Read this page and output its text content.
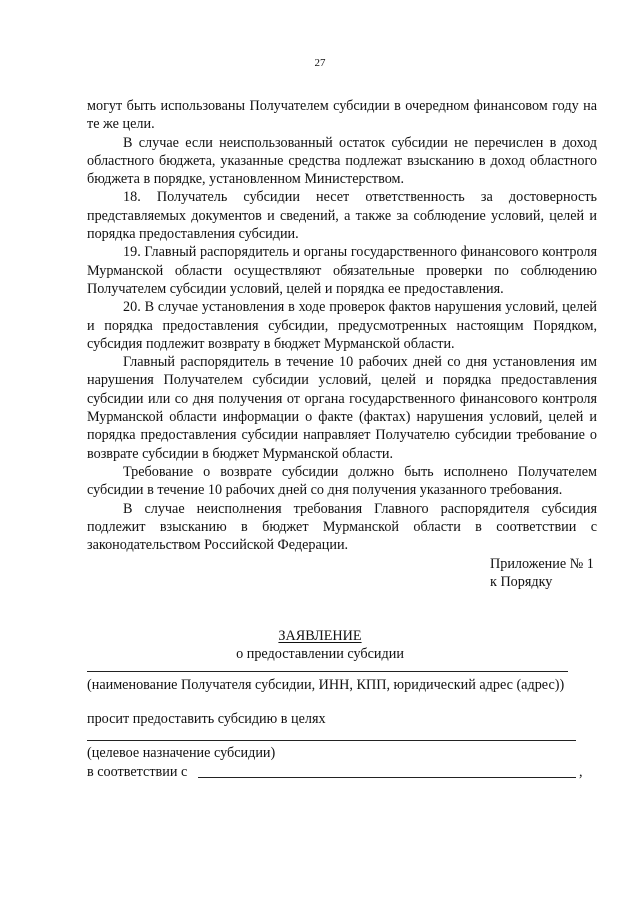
27

могут быть использованы Получателем субсидии в очередном финансовом году на те же цели.

В случае если неиспользованный остаток субсидии не перечислен в доход областного бюджета, указанные средства подлежат взысканию в доход областного бюджета в порядке, установленном Министерством.

18. Получатель субсидии несет ответственность за достоверность представляемых документов и сведений, а также за соблюдение условий, целей и порядка предоставления субсидии.

19. Главный распорядитель и органы государственного финансового контроля Мурманской области осуществляют обязательные проверки по соблюдению Получателем субсидии условий, целей и порядка ее предоставления.

20. В случае установления в ходе проверок фактов нарушения условий, целей и порядка предоставления субсидии, предусмотренных настоящим Порядком, субсидия подлежит возврату в бюджет Мурманской области.

Главный распорядитель в течение 10 рабочих дней со дня установления им нарушения Получателем субсидии условий, целей и порядка предоставления субсидии или со дня получения от органа государственного финансового контроля Мурманской области информации о факте (фактах) нарушения условий, целей и порядка предоставления субсидии направляет Получателю субсидии требование о возврате субсидии в бюджет Мурманской области.

Требование о возврате субсидии должно быть исполнено Получателем субсидии в течение 10 рабочих дней со дня получения указанного требования.

В случае неисполнения требования Главного распорядителя субсидия подлежит взысканию в бюджет Мурманской области в соответствии с законодательством Российской Федерации.

Приложение № 1
к Порядку
ЗАЯВЛЕНИЕ
о предоставлении субсидии
(наименование Получателя субсидии, ИНН, КПП, юридический адрес (адрес))
просит предоставить субсидию в целях
(целевое назначение субсидии)
в соответствии с	,
